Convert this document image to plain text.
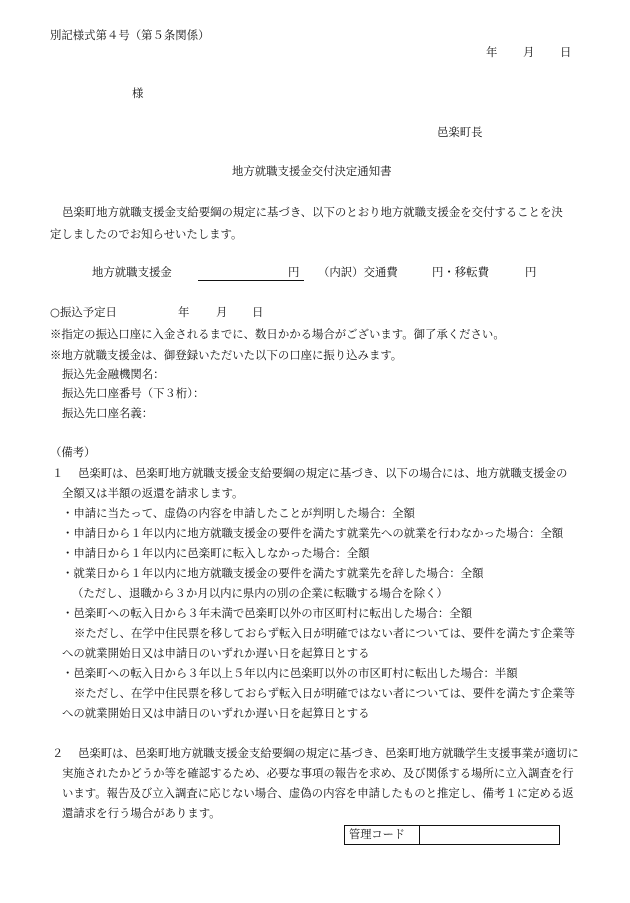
別記様式第４号（第５条関係）
年 月 日
様
邑楽町長
地方就職支援金交付決定通知書
邑楽町地方就職支援金支給要綱の規定に基づき、以下のとおり地方就職支援金を交付することを決
定しましたのでお知らせいたします。
地方就職支援金	円 （内訳）交通費	円・移転費	円
○振込予定日	年 月 日
※指定の振込口座に入金されるまでに、数日かかる場合がございます。御了承ください。
※地方就職支援金は、御登録いただいた以下の口座に振り込みます。
振込先金融機関名：
振込先口座番号（下３桁）：
振込先口座名義：
（備考）
１ 邑楽町は、邑楽町地方就職支援金支給要綱の規定に基づき、以下の場合には、地方就職支援金の
全額又は半額の返還を請求します。
・申請に当たって、虚偽の内容を申請したことが判明した場合：全額
・申請日から１年以内に地方就職支援金の要件を満たす就業先への就業を行わなかった場合：全額
・申請日から１年以内に邑楽町に転入しなかった場合：全額
・就業日から１年以内に地方就職支援金の要件を満たす就業先を辞した場合：全額
（ただし、退職から３か月以内に県内の別の企業に転職する場合を除く）
・邑楽町への転入日から３年未満で邑楽町以外の市区町村に転出した場合：全額
※ただし、在学中住民票を移しておらず転入日が明確ではない者については、要件を満たす企業等
への就業開始日又は申請日のいずれか遅い日を起算日とする
・邑楽町への転入日から３年以上５年以内に邑楽町以外の市区町村に転出した場合：半額
※ただし、在学中住民票を移しておらず転入日が明確ではない者については、要件を満たす企業等
への就業開始日又は申請日のいずれか遅い日を起算日とする
２ 邑楽町は、邑楽町地方就職支援金支給要綱の規定に基づき、邑楽町地方就職学生支援事業が適切に
実施されたかどうか等を確認するため、必要な事項の報告を求め、及び関係する場所に立入調査を行
います。報告及び立入調査に応じない場合、虚偽の内容を申請したものと推定し、備考１に定める返
還請求を行う場合があります。
管理コード	
